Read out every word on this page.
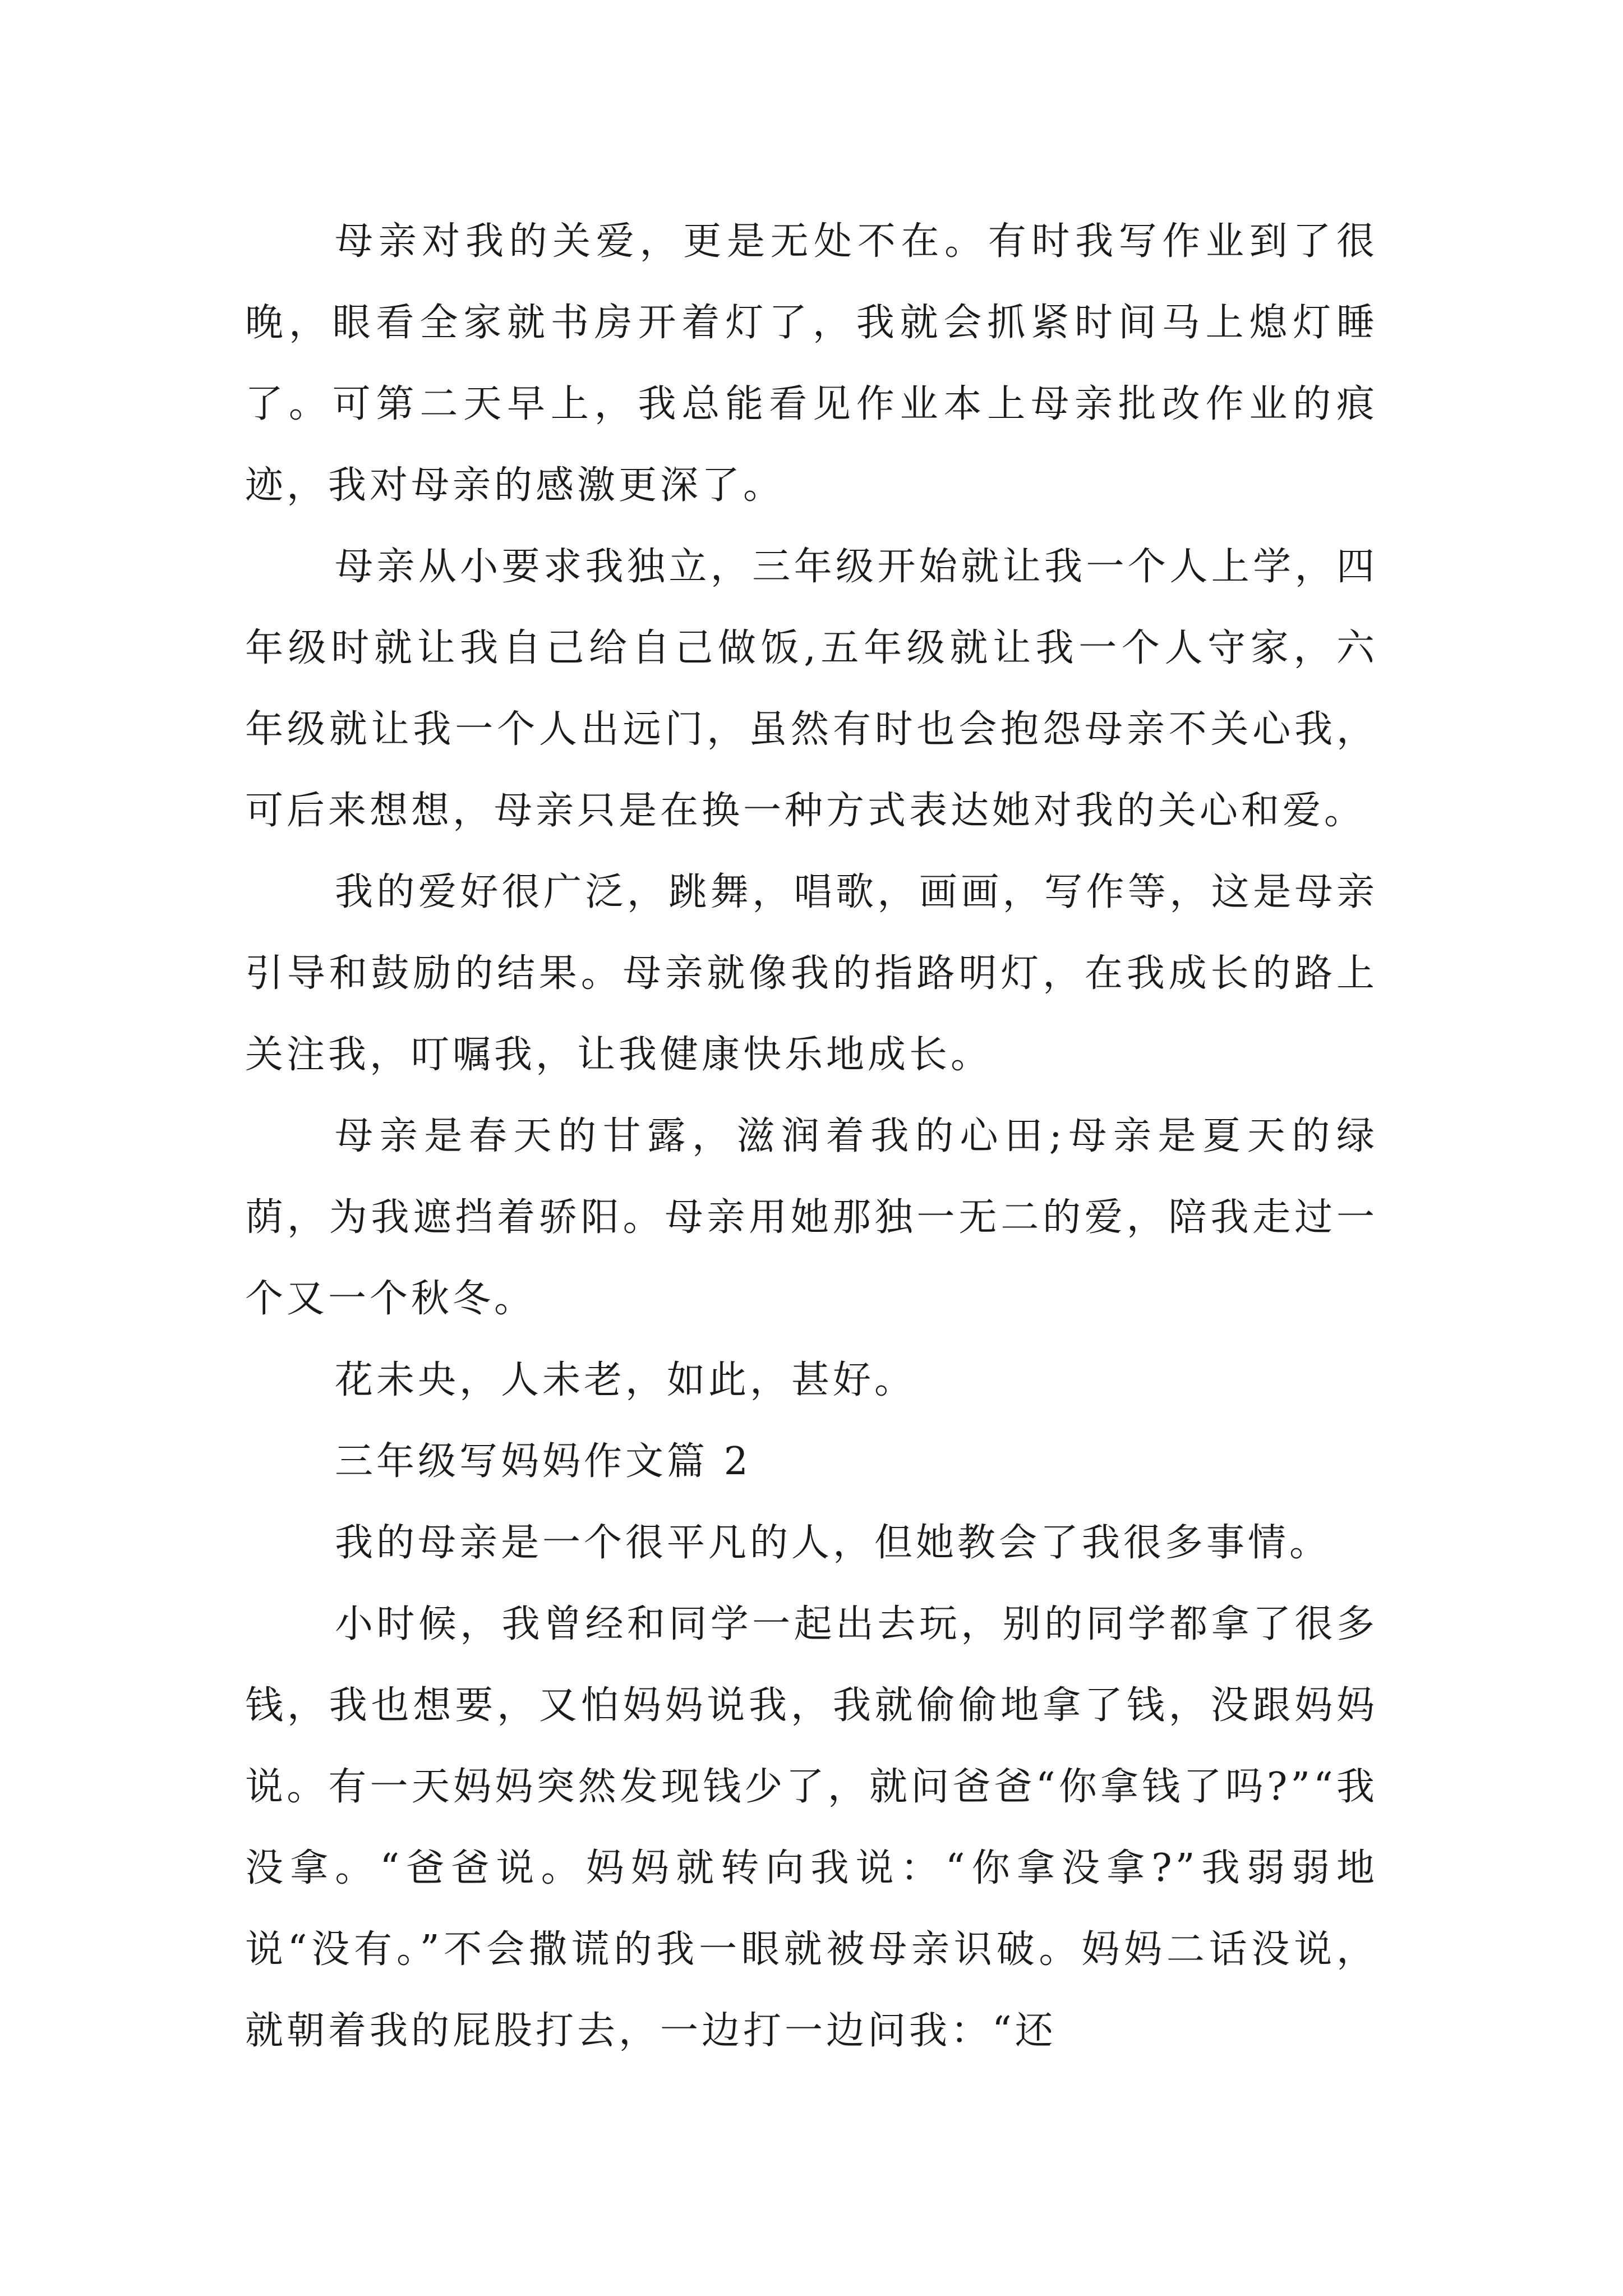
母亲对我的关爱，更是无处不在。有时我写作业到了很晚，眼看全家就书房开着灯了，我就会抓紧时间马上熄灯睡了。可第二天早上，我总能看见作业本上母亲批改作业的痕迹，我对母亲的感激更深了。

母亲从小要求我独立，三年级开始就让我一个人上学，四年级时就让我自己给自己做饭,五年级就让我一个人守家，六年级就让我一个人出远门，虽然有时也会抱怨母亲不关心我，可后来想想，母亲只是在换一种方式表达她对我的关心和爱。

我的爱好很广泛，跳舞，唱歌，画画，写作等，这是母亲引导和鼓励的结果。母亲就像我的指路明灯，在我成长的路上关注我，叮嘱我，让我健康快乐地成长。

母亲是春天的甘露，滋润着我的心田;母亲是夏天的绿荫，为我遮挡着骄阳。母亲用她那独一无二的爱，陪我走过一个又一个秋冬。

花未央，人未老，如此，甚好。

三年级写妈妈作文篇 2

我的母亲是一个很平凡的人，但她教会了我很多事情。

小时候，我曾经和同学一起出去玩，别的同学都拿了很多钱，我也想要，又怕妈妈说我，我就偷偷地拿了钱，没跟妈妈说。有一天妈妈突然发现钱少了，就问爸爸“你拿钱了吗?”“我没拿。“爸爸说。妈妈就转向我说：“你拿没拿?”我弱弱地说“没有。”不会撒谎的我一眼就被母亲识破。妈妈二话没说，就朝着我的屁股打去，一边打一边问我：“还
